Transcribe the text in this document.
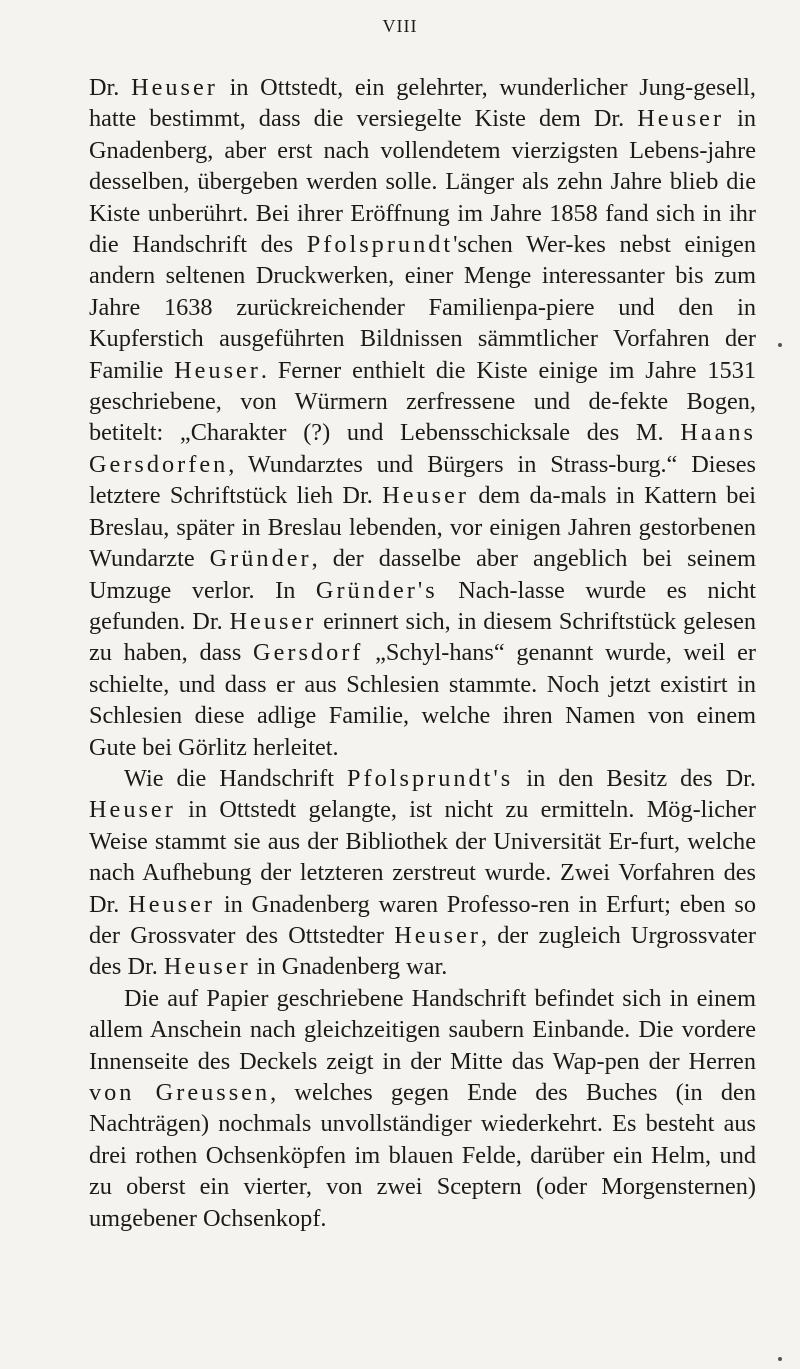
VIII

Dr. Heuser in Ottstedt, ein gelehrter, wunderlicher Jung-gesell, hatte bestimmt, dass die versiegelte Kiste dem Dr. Heuser in Gnadenberg, aber erst nach vollendetem vierzigsten Lebens-jahre desselben, übergeben werden solle. Länger als zehn Jahre blieb die Kiste unberührt. Bei ihrer Eröffnung im Jahre 1858 fand sich in ihr die Handschrift des Pfolsprundt'schen Wer-kes nebst einigen andern seltenen Druckwerken, einer Menge interessanter bis zum Jahre 1638 zurückreichender Familienpa-piere und den in Kupferstich ausgeführten Bildnissen sämmtlicher Vorfahren der Familie Heuser. Ferner enthielt die Kiste einige im Jahre 1531 geschriebene, von Würmern zerfressene und de-fekte Bogen, betitelt: „Charakter (?) und Lebensschicksale des M. Haans Gersdorfen, Wundarztes und Bürgers in Strass-burg.“ Dieses letztere Schriftstück lieh Dr. Heuser dem da-mals in Kattern bei Breslau, später in Breslau lebenden, vor einigen Jahren gestorbenen Wundarzte Gründer, der dasselbe aber angeblich bei seinem Umzuge verlor. In Gründer's Nach-lasse wurde es nicht gefunden. Dr. Heuser erinnert sich, in diesem Schriftstück gelesen zu haben, dass Gersdorf „Schyl-hans“ genannt wurde, weil er schielte, und dass er aus Schlesien stammte. Noch jetzt existirt in Schlesien diese adlige Familie, welche ihren Namen von einem Gute bei Görlitz herleitet.

Wie die Handschrift Pfolsprundt's in den Besitz des Dr. Heuser in Ottstedt gelangte, ist nicht zu ermitteln. Mög-licher Weise stammt sie aus der Bibliothek der Universität Er-furt, welche nach Aufhebung der letzteren zerstreut wurde. Zwei Vorfahren des Dr. Heuser in Gnadenberg waren Professo-ren in Erfurt; eben so der Grossvater des Ottstedter Heuser, der zugleich Urgrossvater des Dr. Heuser in Gnadenberg war.

Die auf Papier geschriebene Handschrift befindet sich in einem allem Anschein nach gleichzeitigen saubern Einbande. Die vordere Innenseite des Deckels zeigt in der Mitte das Wap-pen der Herren von Greussen, welches gegen Ende des Buches (in den Nachträgen) nochmals unvollständiger wiederkehrt. Es besteht aus drei rothen Ochsenköpfen im blauen Felde, darüber ein Helm, und zu oberst ein vierter, von zwei Sceptern (oder Morgensternen) umgebener Ochsenkopf.
